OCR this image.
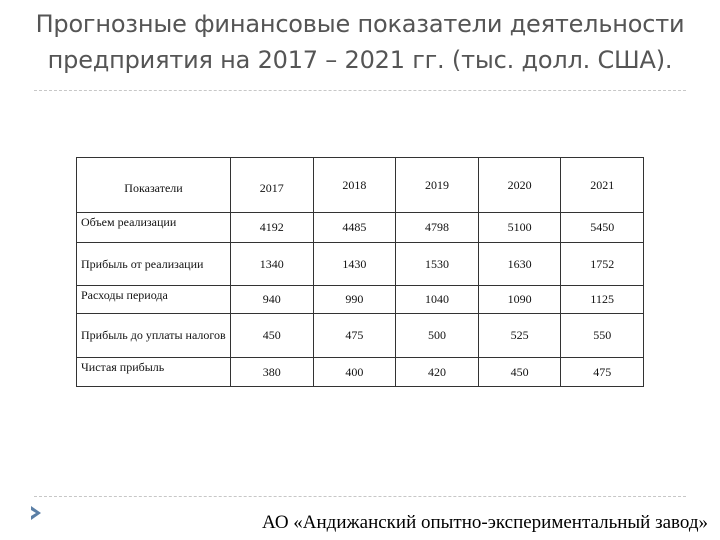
Прогнозные финансовые показатели деятельности
предприятия на 2017 – 2021 гг. (тыс. долл. США).
Показатели	2017	2018	2019	2020	2021
Объем реализации	4192	4485	4798	5100	5450
Прибыль от реализации	1340	1430	1530	1630	1752
Расходы периода	940	990	1040	1090	1125
Прибыль до уплаты налогов	450	475	500	525	550
Чистая прибыль	380	400	420	450	475
АО «Андижанский опытно-экспериментальный завод»
